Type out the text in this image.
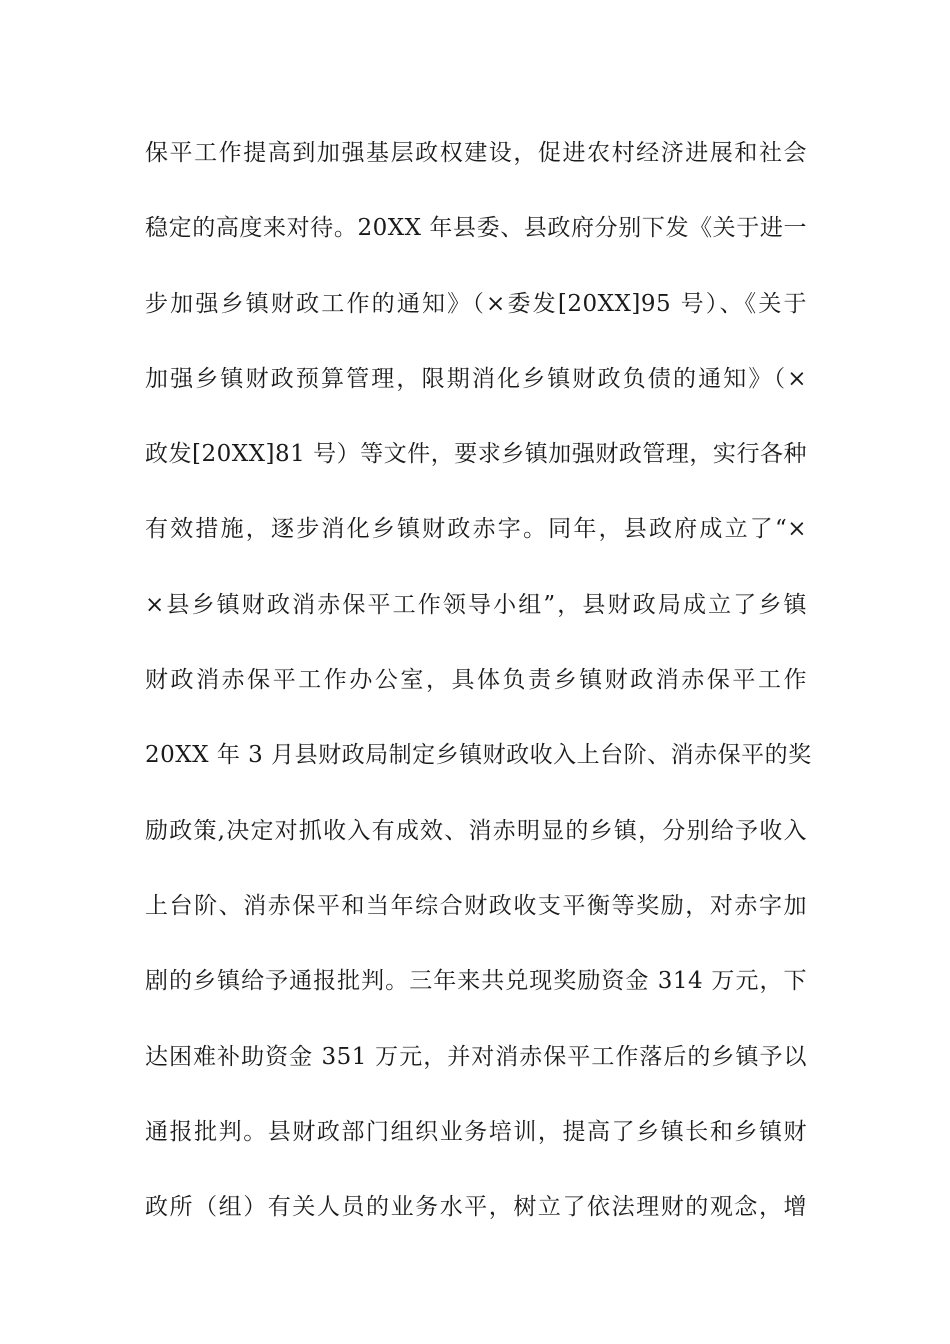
保平工作提高到加强基层政权建设，促进农村经济进展和社会
稳定的高度来对待。20XX 年县委、县政府分别下发《关于进一
步加强乡镇财政工作的通知》（×委发[20XX]95 号）、《关于
加强乡镇财政预算管理，限期消化乡镇财政负债的通知》（×
政发[20XX]81 号）等文件，要求乡镇加强财政管理，实行各种
有效措施，逐步消化乡镇财政赤字。同年，县政府成立了“×
×县乡镇财政消赤保平工作领导小组”，县财政局成立了乡镇
财政消赤保平工作办公室，具体负责乡镇财政消赤保平工作
20XX 年 3 月县财政局制定乡镇财政收入上台阶、消赤保平的奖
励政策,决定对抓收入有成效、消赤明显的乡镇，分别给予收入
上台阶、消赤保平和当年综合财政收支平衡等奖励，对赤字加
剧的乡镇给予通报批判。三年来共兑现奖励资金 314 万元，下
达困难补助资金 351 万元，并对消赤保平工作落后的乡镇予以
通报批判。县财政部门组织业务培训，提高了乡镇长和乡镇财
政所（组）有关人员的业务水平，树立了依法理财的观念，增
